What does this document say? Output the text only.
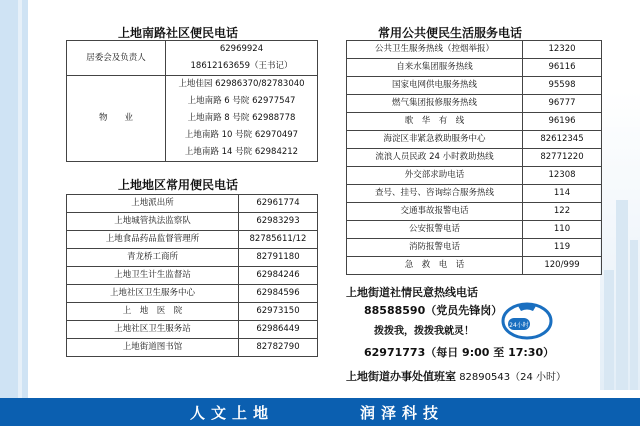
上地南路社区便民电话
居委会及负责人	62969924
	18612163659（王书记）
物　　业	上地佳园 62986370/82783040
	上地南路 6 号院 62977547
	上地南路 8 号院 62988778
	上地南路 10 号院 62970497
	上地南路 14 号院 62984212
上地地区常用便民电话
上地派出所	62961774
上地城管执法监察队	62983293
上地食品药品监督管理所	82785611/12
青龙桥工商所	82791180
上地卫生计生监督站	62984246
上地社区卫生服务中心	62984596
上　地　医　院	62973150
上地社区卫生服务站	62986449
上地街道图书馆	82782790
常用公共便民生活服务电话
公共卫生服务热线（控烟举报）	12320
自来水集团服务热线	96116
国家电网供电服务热线	95598
燃气集团报修服务热线	96777
歌　华　有　线	96196
海淀区非紧急救助服务中心	82612345
流浪人员民政 24 小时救助热线	82771220
外交部求助电话	12308
查号、挂号、咨询综合服务热线	114
交通事故报警电话	122
公安报警电话	110
消防报警电话	119
急　救　电　话	120/999
上地街道社情民意热线电话
88588590（党员先锋岗）
拨拨我，拨拨我就灵！
62971773（每日 9:00 至 17:30）
上地街道办事处值班室 82890543（24 小时）
24小时
人文上地	润泽科技
